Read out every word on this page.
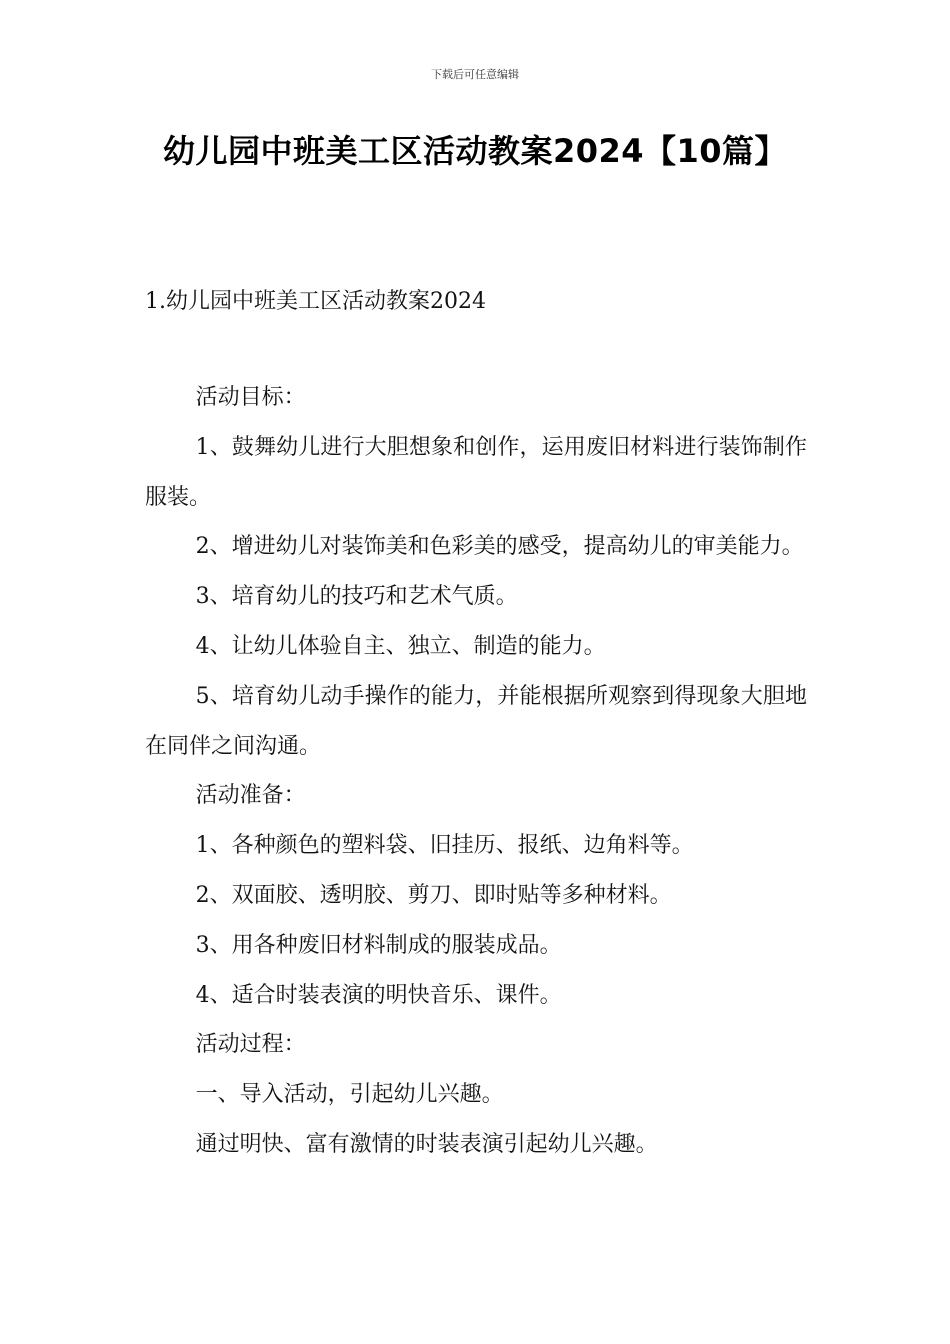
下载后可任意编辑
幼儿园中班美工区活动教案2024【10篇】
1.幼儿园中班美工区活动教案2024

活动目标：

1、鼓舞幼儿进行大胆想象和创作，运用废旧材料进行装饰制作服装。

2、增进幼儿对装饰美和色彩美的感受，提高幼儿的审美能力。

3、培育幼儿的技巧和艺术气质。

4、让幼儿体验自主、独立、制造的能力。

5、培育幼儿动手操作的能力，并能根据所观察到得现象大胆地在同伴之间沟通。

活动准备：

1、各种颜色的塑料袋、旧挂历、报纸、边角料等。

2、双面胶、透明胶、剪刀、即时贴等多种材料。

3、用各种废旧材料制成的服装成品。

4、适合时装表演的明快音乐、课件。

活动过程：

一、导入活动，引起幼儿兴趣。

通过明快、富有激情的时装表演引起幼儿兴趣。
